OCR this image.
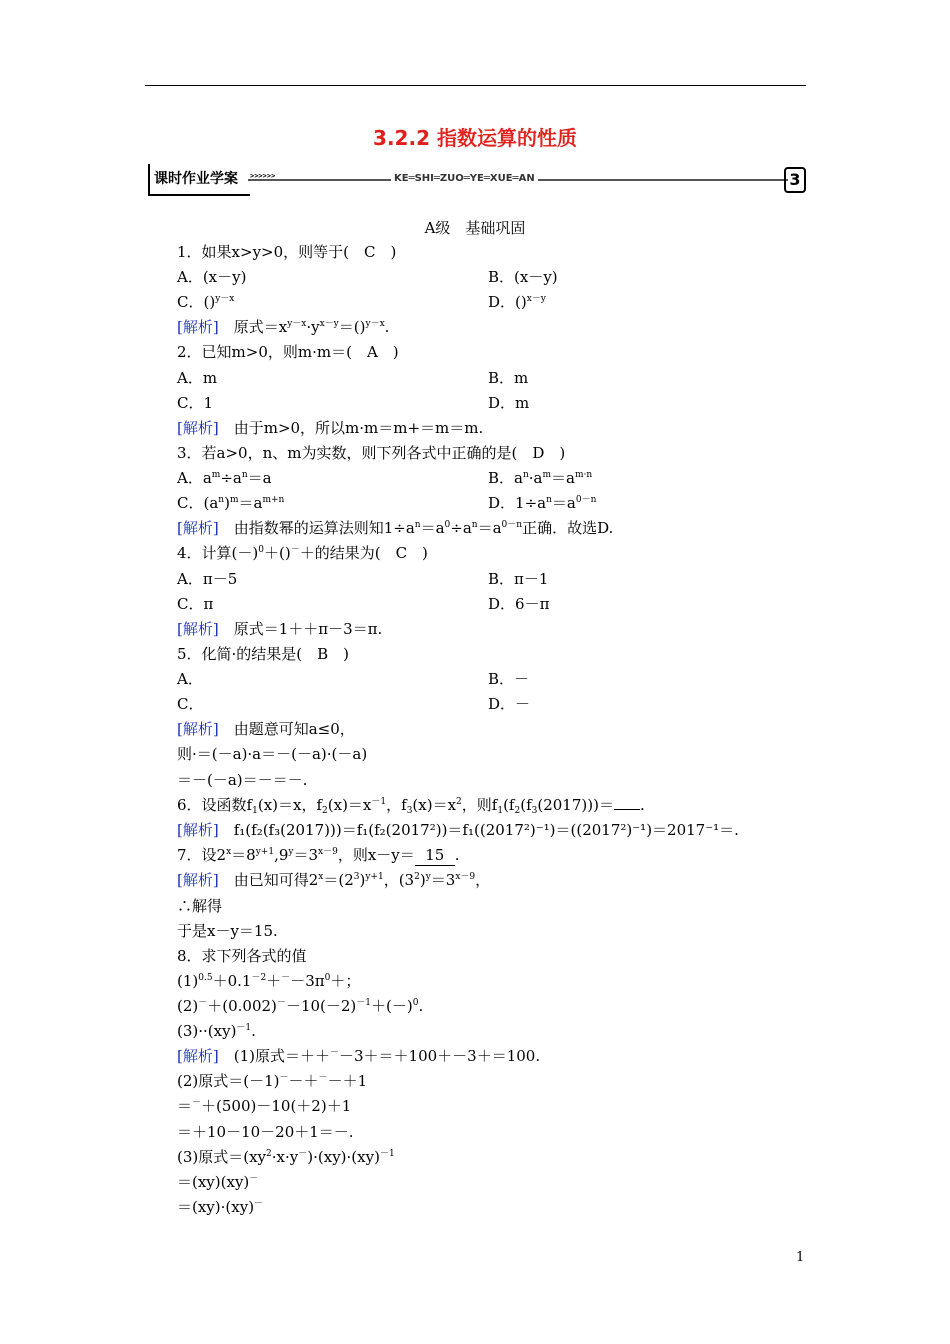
3.2.2 指数运算的性质
课时作业学案 >>>>>>	KE═SHI═ZUO═YE═XUE═AN	3
A级　基础巩固
1．如果x>y>0，则等于(　C　)
A．(x－y)	B．(x－y)
C．()$^{y-x}$	D．()$^{x-y}$
[解析]　原式$=x^{y-x}\cdot y^{x-y}=()^{y-x}$.
2．已知m>0，则m·m＝(　A　)
A．m	B．m
C．1	D．m
[解析]　由于m>0，所以m·m＝m+＝m＝m.
3．若a>0，n、m为实数，则下列各式中正确的是(　D　)
A．$a^m\div a^n=a$	B．$a^n\cdot a^m=a^{m\cdot n}$
C．$(a^n)^m=a^{m+n}$	D．$1\div a^n=a^{0-n}$
[解析]　由指数幂的运算法则知$1\div a^n=a^0\div a^n=a^{0-n}$正确．故选D.
4．计算$(-)^0+()^-+$的结果为(　C　)
A．π－5	B．π－1
C．π	D．6－π
[解析]　原式＝1＋＋π－3＝π.
5．化简·的结果是(　B　)
A．	B．－
C．	D．－
[解析]　由题意可知a≤0，
则·＝(－a)·a＝－(－a)·(－a)
＝－(－a)＝－＝－.
6．设函数$f_1(x)=x$，$f_2(x)=x^{-1}$，$f_3(x)=x^2$，则$f_1(f_2(f_3(2017)))=$ .
[解析]　f₁(f₂(f₃(2017)))＝f₁(f₂(2017²))＝f₁((2017²)⁻¹)＝((2017²)⁻¹)＝2017⁻¹＝.
7．设$2^x=8^{y+1},9^y=3^{x-9}$，则x－y＝ 15 .
[解析]　由已知可得$2^x=(2^3)^{y+1}$，$(3^2)^y=3^{x-9}$，
∴解得
于是x－y＝15.
8．求下列各式的值
$(1)^{0.5}+0.1^{-2}+^--3\pi^0+$；
$(2)^-+(0.002)^--10(-2)^{-1}+(-)^0$.
(3)··(xy)$^{-1}$.
[解析]　(1)原式＝＋＋－－3＋＝＋100＋－3＋＝100.
(2)原式＝(－1)－－＋－－＋1
＝－＋(500)－10(＋2)＋1
＝＋10－10－20＋1＝－.
(3)原式$=(xy^2\cdot x\cdot y^-)\cdot(xy)\cdot(xy)^{-1}$
＝(xy)(xy)－
＝(xy)·(xy)－
1
